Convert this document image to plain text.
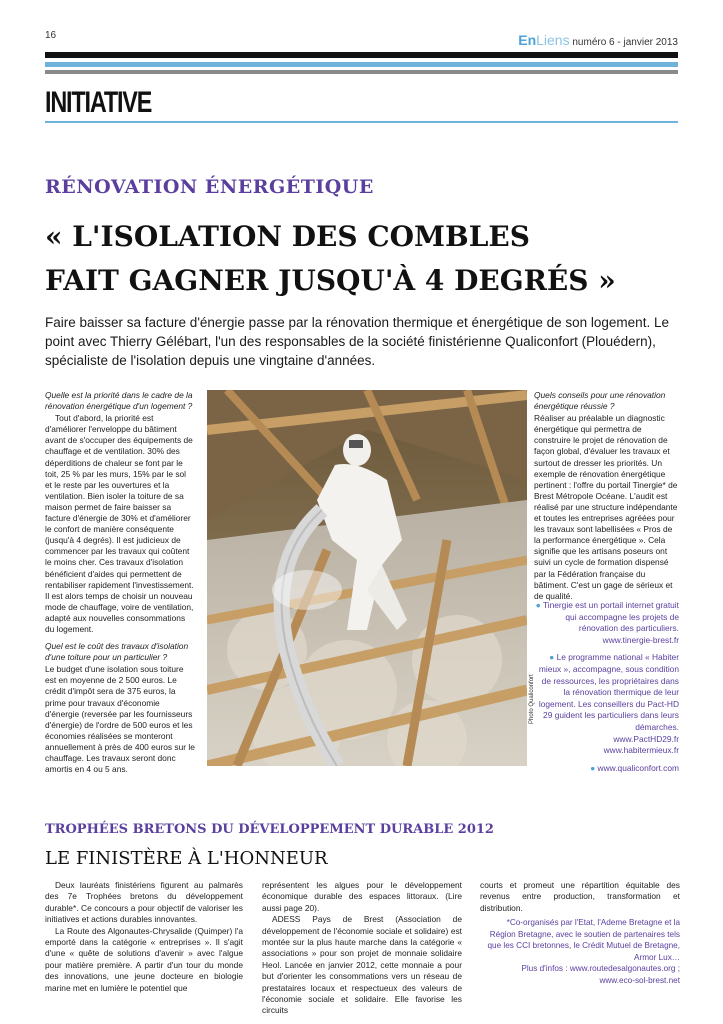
16	EnLiens numéro 6 - janvier 2013
INITIATIVE
RÉNOVATION ÉNERGÉTIQUE
« L'ISOLATION DES COMBLES
FAIT GAGNER JUSQU'À 4 DEGRÉS »
Faire baisser sa facture d'énergie passe par la rénovation thermique et énergétique de son logement. Le point avec Thierry Gélébart, l'un des responsables de la société finistérienne Qualiconfort (Plouédern), spécialiste de l'isolation depuis une vingtaine d'années.
Quelle est la priorité dans le cadre de la rénovation énergétique d'un logement ?

Tout d'abord, la priorité est d'améliorer l'enveloppe du bâtiment avant de s'occuper des équipements de chauffage et de ventilation. 30% des déperditions de chaleur se font par le toit, 25 % par les murs, 15% par le sol et le reste par les ouvertures et la ventilation. Bien isoler la toiture de sa maison permet de faire baisser sa facture d'énergie de 30% et d'améliorer le confort de manière conséquente (jusqu'à 4 degrés). Il est judicieux de commencer par les travaux qui coûtent le moins cher. Ces travaux d'isolation bénéficient d'aides qui permettent de rentabiliser rapidement l'investissement. Il est alors temps de choisir un nouveau mode de chauffage, voire de ventilation, adapté aux nouvelles consommations du logement.

Quel est le coût des travaux d'isolation d'une toiture pour un particulier ?

Le budget d'une isolation sous toiture est en moyenne de 2 500 euros. Le crédit d'impôt sera de 375 euros, la prime pour travaux d'économie d'énergie (reversée par les fournisseurs d'énergie) de l'ordre de 500 euros et les économies réalisées se monteront annuellement à près de 400 euros sur le chauffage. Les travaux seront donc amortis en 4 ou 5 ans.

Photo Qualiconfort
Quels conseils pour une rénovation énergétique réussie ?

Réaliser au préalable un diagnostic énergétique qui permettra de construire le projet de rénovation de façon global, d'évaluer les travaux et surtout de dresser les priorités. Un exemple de rénovation énergétique pertinent : l'offre du portail Tinergie* de Brest Métropole Océane. L'audit est réalisé par une structure indépendante et toutes les entreprises agréées pour les travaux sont labellisées « Pros de la performance énergétique ». Cela signifie que les artisans poseurs ont suivi un cycle de formation dispensé par la Fédération française du bâtiment. C'est un gage de sérieux et de qualité.

● Tinergie est un portail internet gratuit qui accompagne les projets de rénovation des particuliers.
www.tinergie-brest.fr
● Le programme national « Habiter mieux », accompagne, sous condition de ressources, les propriétaires dans la rénovation thermique de leur logement. Les conseillers du Pact-HD 29 guident les particuliers dans leurs démarches.
www.PactHD29.fr
www.habitermieux.fr
● www.qualiconfort.com
TROPHÉES BRETONS DU DÉVELOPPEMENT DURABLE 2012
LE FINISTÈRE À L'HONNEUR

Deux lauréats finistériens figurent au palmarès des 7e Trophées bretons du développement durable*. Ce concours a pour objectif de valoriser les initiatives et actions durables innovantes.

La Route des Algonautes-Chrysalide (Quimper) l'a emporté dans la catégorie « entreprises ». Il s'agit d'une « quête de solutions d'avenir » avec l'algue pour matière première. A partir d'un tour du monde des innovations, une jeune docteure en biologie marine met en lumière le potentiel que

représentent les algues pour le développement économique durable des espaces littoraux. (Lire aussi page 20).

ADESS Pays de Brest (Association de développement de l'économie sociale et solidaire) est montée sur la plus haute marche dans la catégorie « associations » pour son projet de monnaie solidaire Heol. Lancée en janvier 2012, cette monnaie a pour but d'orienter les consommations vers un réseau de prestataires locaux et respectueux des valeurs de l'économie sociale et solidaire. Elle favorise les circuits

courts et promeut une répartition équitable des revenus entre production, transformation et distribution.

*Co-organisés par l'Etat, l'Ademe Bretagne et la Région Bretagne, avec le soutien de partenaires tels que les CCI bretonnes, le Crédit Mutuel de Bretagne, Armor Lux…
Plus d'infos : www.routedesalgonautes.org ;
www.eco-sol-brest.net
